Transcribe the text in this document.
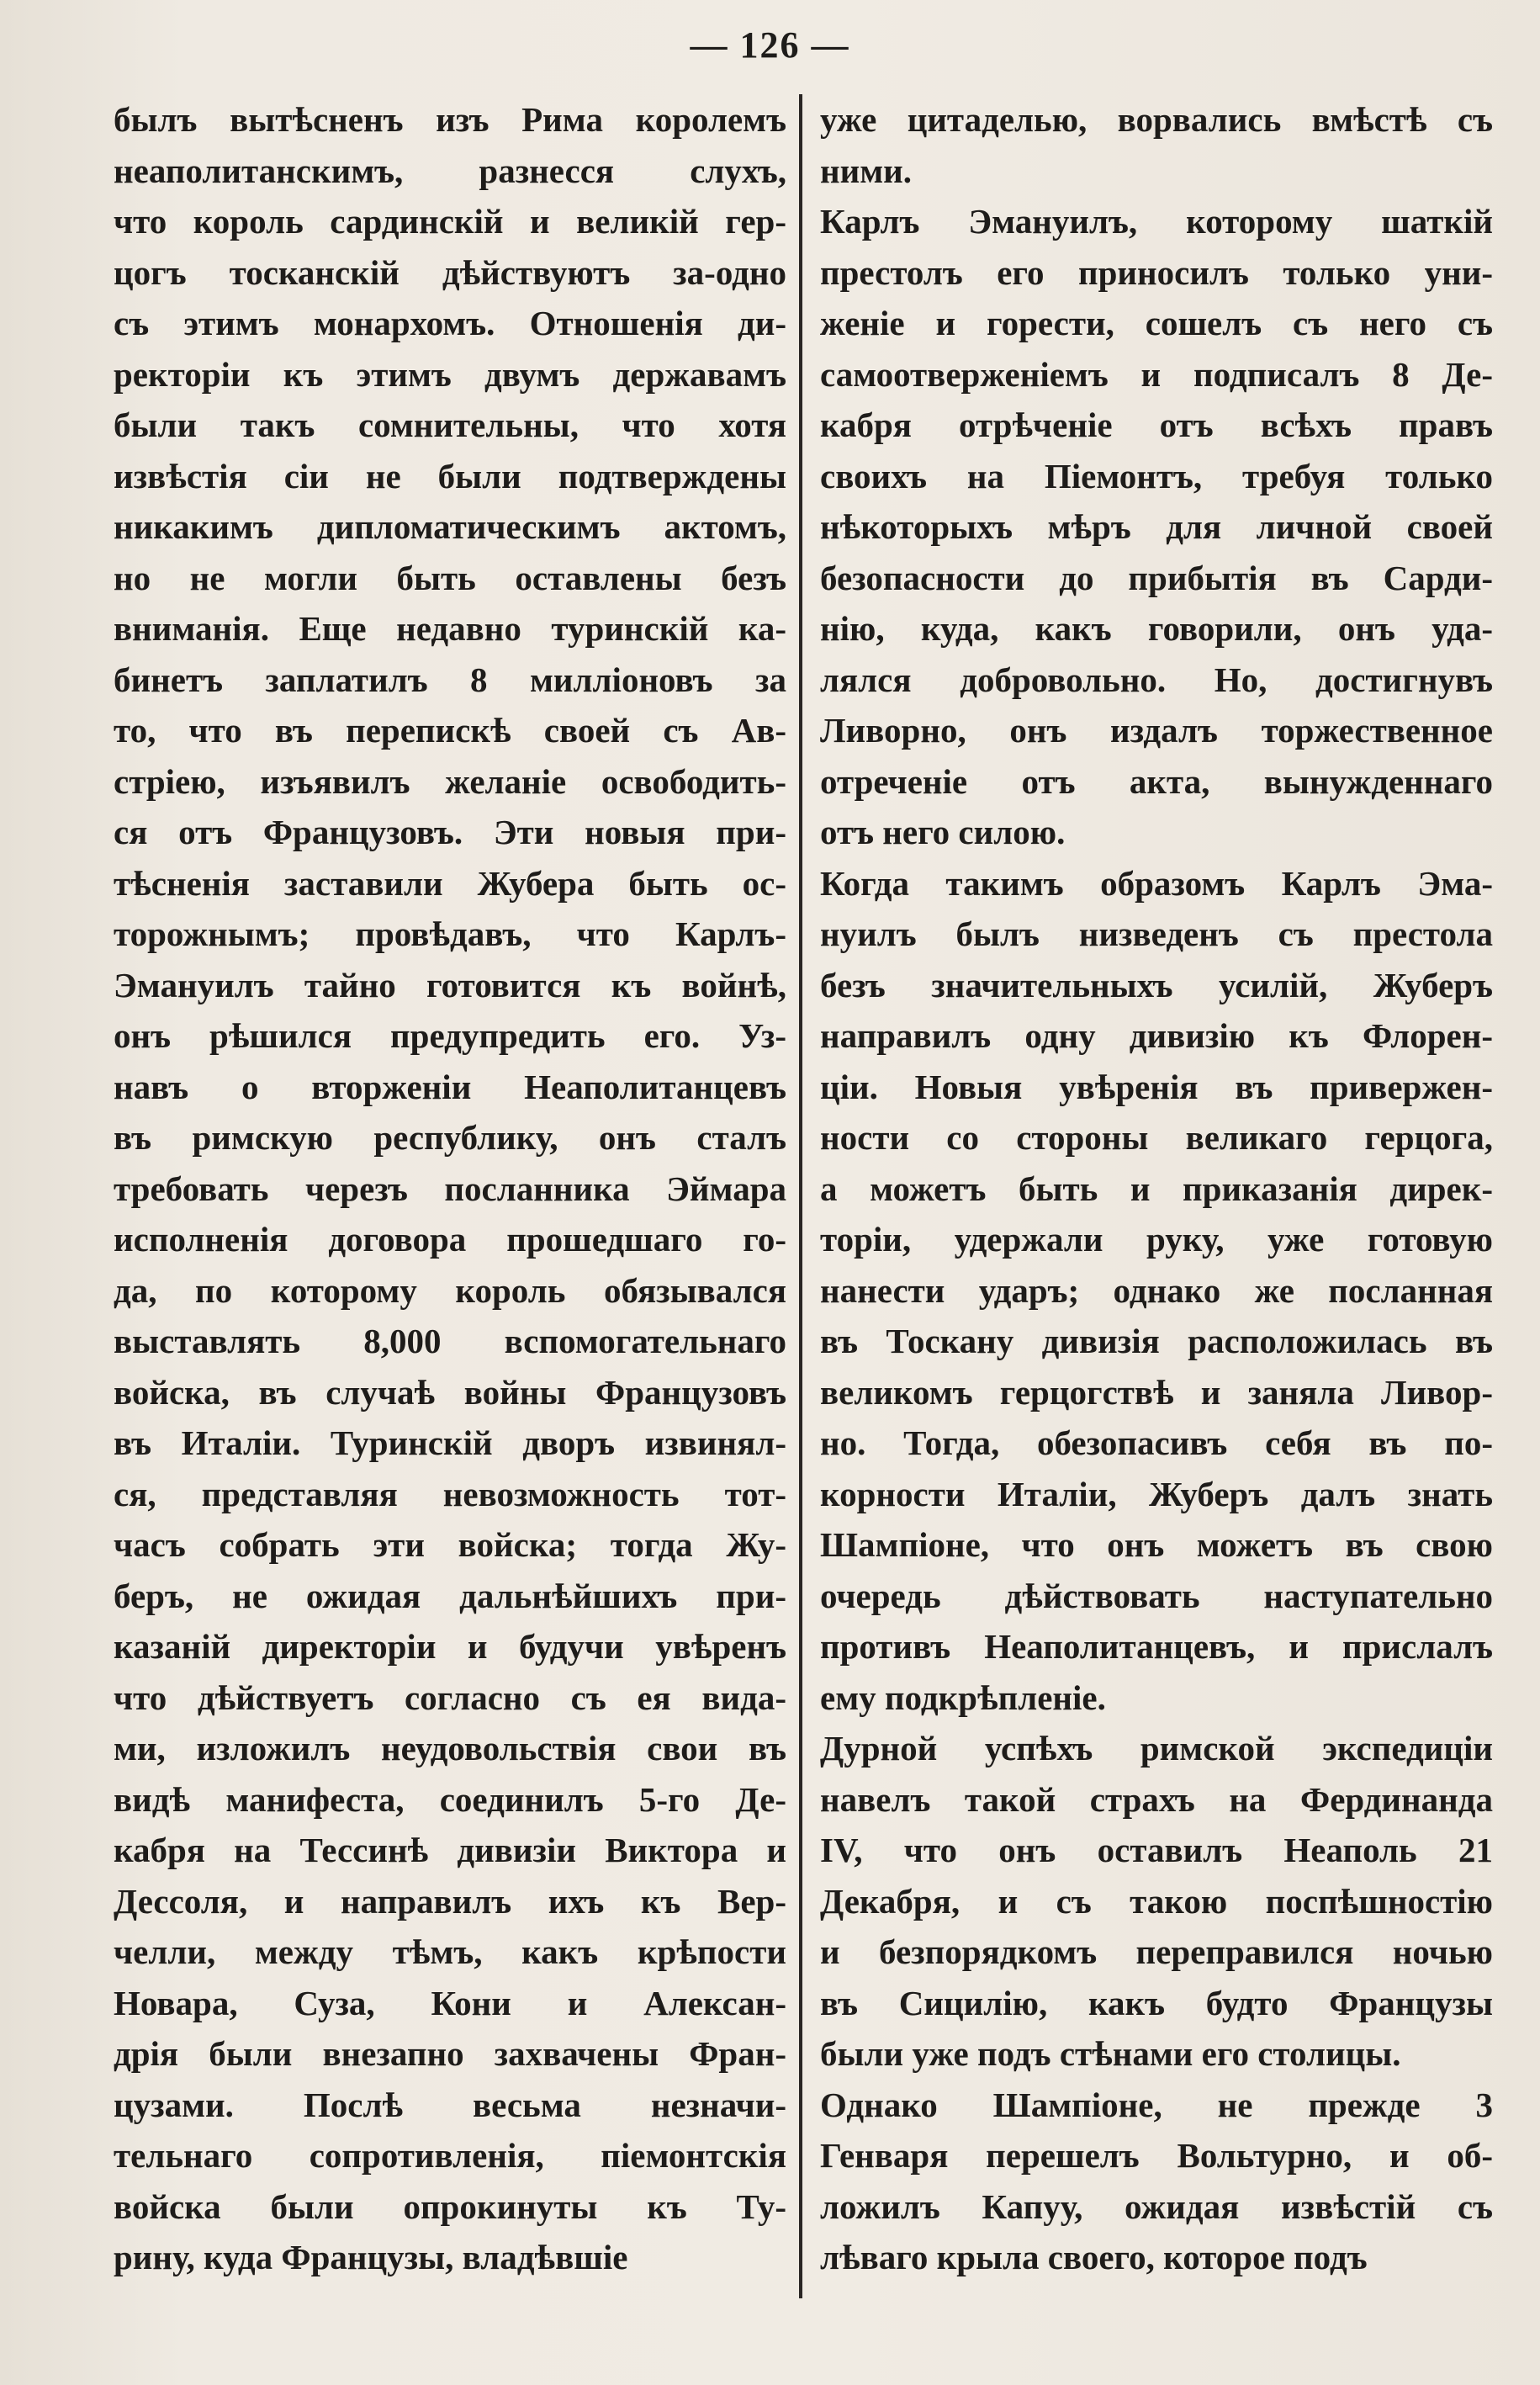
— 126 —
былъ вытѣсненъ изъ Рима королемъ
неаполитанскимъ, разнесся слухъ,
что король сардинскій и великій гер-
цогъ тосканскій дѣйствуютъ за-одно
съ этимъ монархомъ. Отношенія ди-
ректоріи къ этимъ двумъ державамъ
были такъ сомнительны, что хотя
извѣстія сіи не были подтверждены
никакимъ дипломатическимъ актомъ,
но не могли быть оставлены безъ
вниманія. Еще недавно туринскій ка-
бинетъ заплатилъ 8 милліоновъ за
то, что въ перепискѣ своей съ Ав-
стріею, изъявилъ желаніе освободить-
ся отъ Французовъ. Эти новыя при-
тѣсненія заставили Жубера быть ос-
торожнымъ; провѣдавъ, что Карлъ-
Эмануилъ тайно готовится къ войнѣ,
онъ рѣшился предупредить его. Уз-
навъ о вторженіи Неаполитанцевъ
въ римскую республику, онъ сталъ
требовать черезъ посланника Эймара
исполненія договора прошедшаго го-
да, по которому король обязывался
выставлять 8,000 вспомогательнаго
войска, въ случаѣ войны Французовъ
въ Италіи. Туринскій дворъ извинял-
ся, представляя невозможность тот-
часъ собрать эти войска; тогда Жу-
беръ, не ожидая дальнѣйшихъ при-
казаній директоріи и будучи увѣренъ
что дѣйствуетъ согласно съ ея вида-
ми, изложилъ неудовольствія свои въ
видѣ манифеста, соединилъ 5-го Де-
кабря на Тессинѣ дивизіи Виктора и
Дессоля, и направилъ ихъ къ Вер-
челли, между тѣмъ, какъ крѣпости
Новара, Суза, Кони и Алексан-
дрія были внезапно захвачены Фран-
цузами. Послѣ весьма незначи-
тельнаго сопротивленія, піемонтскія
войска были опрокинуты къ Ту-
рину, куда Французы, владѣвшіе
уже цитаделью, ворвались вмѣстѣ съ
ними.
Карлъ Эмануилъ, которому шаткій
престолъ его приносилъ только уни-
женіе и горести, сошелъ съ него съ
самоотверженіемъ и подписалъ 8 Де-
кабря отрѣченіе отъ всѣхъ правъ
своихъ на Піемонтъ, требуя только
нѣкоторыхъ мѣръ для личной своей
безопасности до прибытія въ Сарди-
нію, куда, какъ говорили, онъ уда-
лялся добровольно. Но, достигнувъ
Ливорно, онъ издалъ торжественное
отреченіе отъ акта, вынужденнаго
отъ него силою.
Когда такимъ образомъ Карлъ Эма-
нуилъ былъ низведенъ съ престола
безъ значительныхъ усилій, Жуберъ
направилъ одну дивизію къ Флорен-
ціи. Новыя увѣренія въ привержен-
ности со стороны великаго герцога,
а можетъ быть и приказанія дирек-
торіи, удержали руку, уже готовую
нанести ударъ; однако же посланная
въ Тоскану дивизія расположилась въ
великомъ герцогствѣ и заняла Ливор-
но. Тогда, обезопасивъ себя въ по-
корности Италіи, Жуберъ далъ знать
Шампіоне, что онъ можетъ въ свою
очередь дѣйствовать наступательно
противъ Неаполитанцевъ, и прислалъ
ему подкрѣпленіе.
Дурной успѣхъ римской экспедиціи
навелъ такой страхъ на Фердинанда
IV, что онъ оставилъ Неаполь 21
Декабря, и съ такою поспѣшностію
и безпорядкомъ переправился ночью
въ Сицилію, какъ будто Французы
были уже подъ стѣнами его столицы.
Однако Шампіоне, не прежде 3
Генваря перешелъ Вольтурно, и об-
ложилъ Капуу, ожидая извѣстій съ
лѣваго крыла своего, которое подъ
